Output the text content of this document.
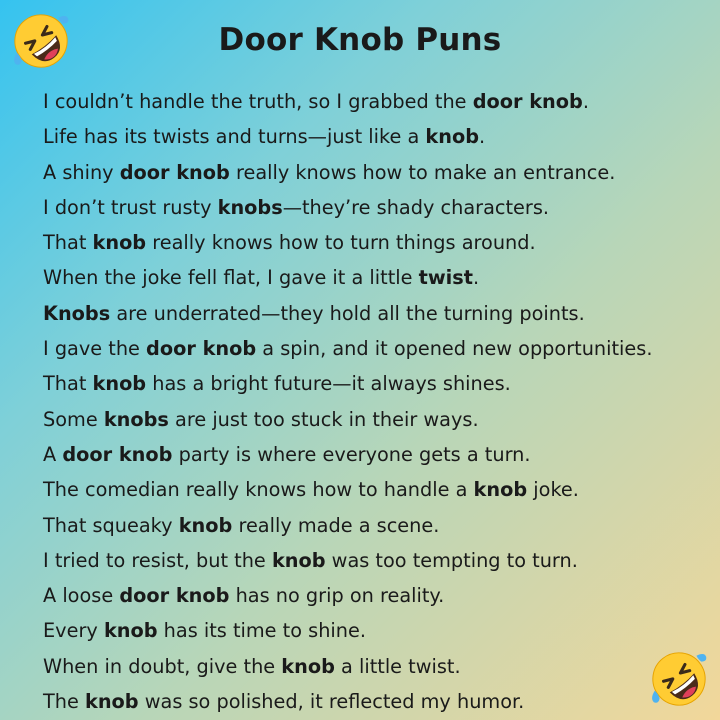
Door Knob Puns
I couldn’t handle the truth, so I grabbed the door knob.
Life has its twists and turns—just like a knob.
A shiny door knob really knows how to make an entrance.
I don’t trust rusty knobs—they’re shady characters.
That knob really knows how to turn things around.
When the joke fell flat, I gave it a little twist.
Knobs are underrated—they hold all the turning points.
I gave the door knob a spin, and it opened new opportunities.
That knob has a bright future—it always shines.
Some knobs are just too stuck in their ways.
A door knob party is where everyone gets a turn.
The comedian really knows how to handle a knob joke.
That squeaky knob really made a scene.
I tried to resist, but the knob was too tempting to turn.
A loose door knob has no grip on reality.
Every knob has its time to shine.
When in doubt, give the knob a little twist.
The knob was so polished, it reflected my humor.
